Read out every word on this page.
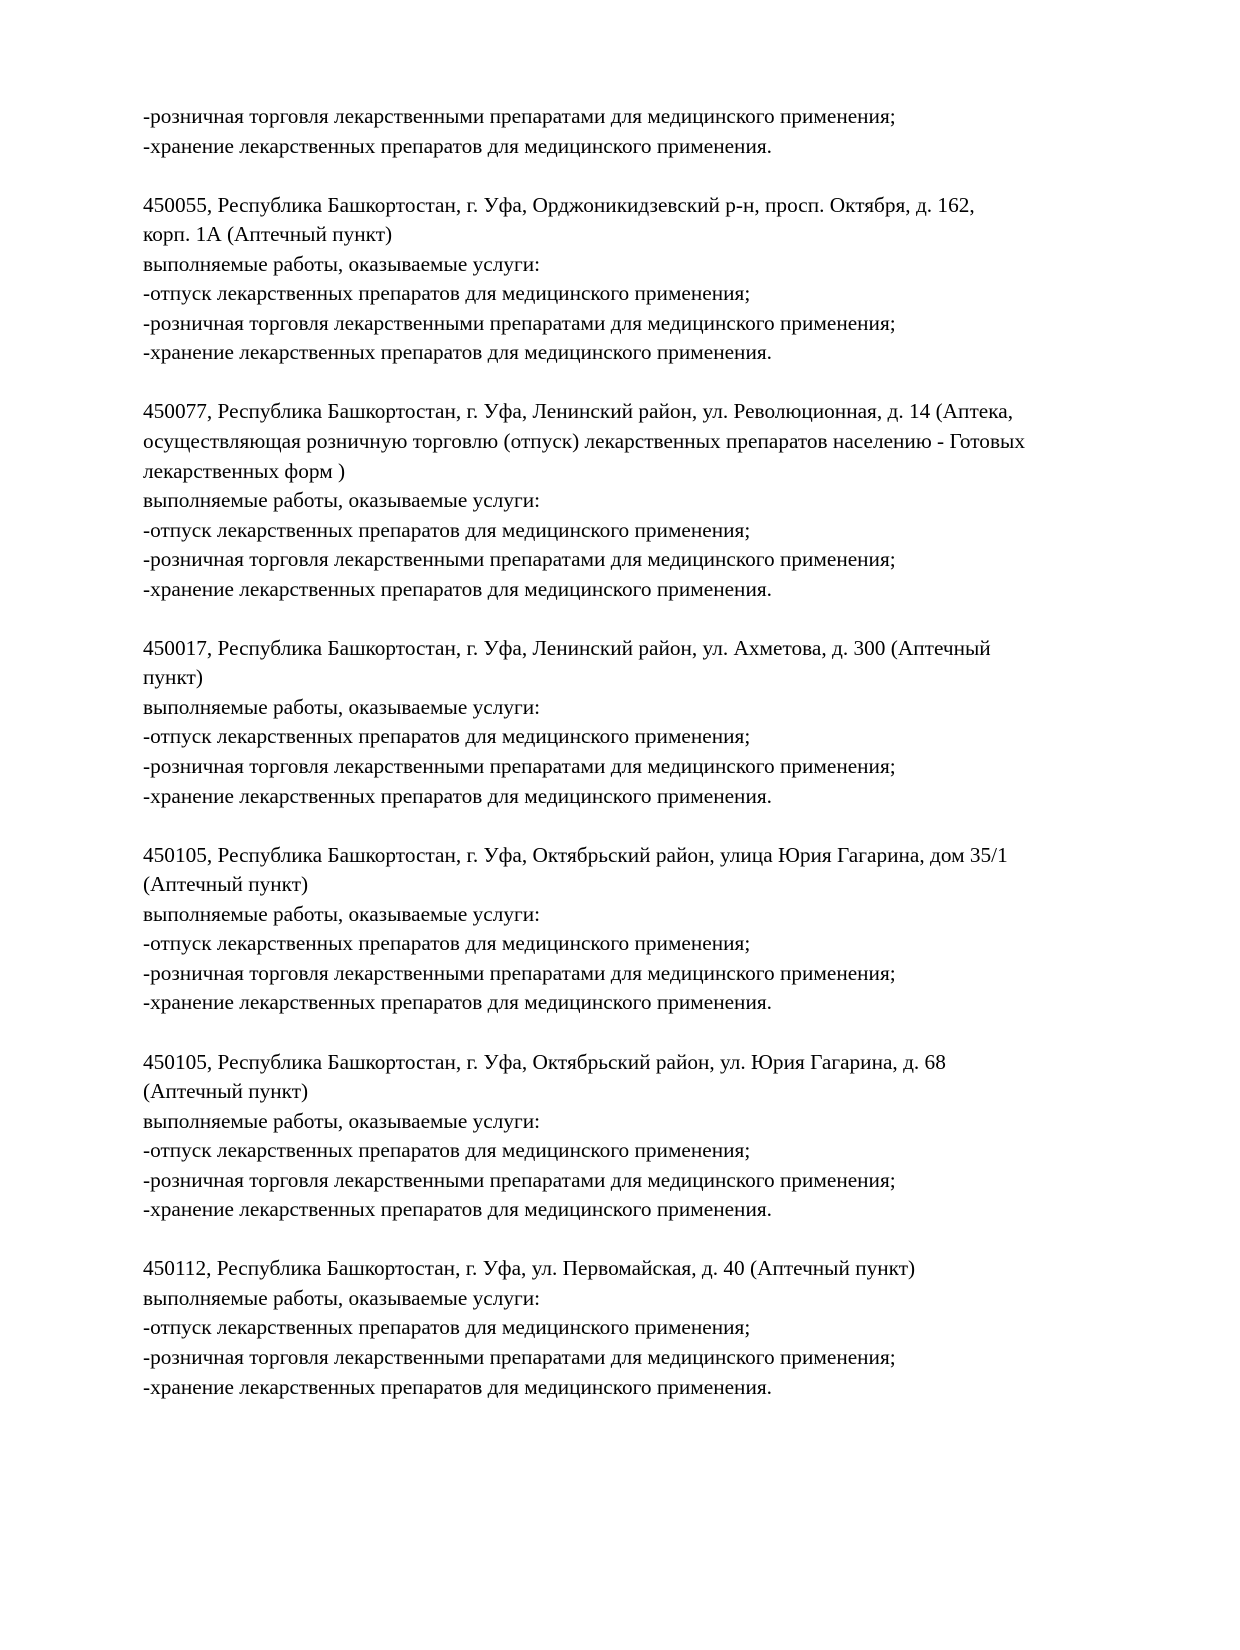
-розничная торговля лекарственными препаратами для медицинского применения;
-хранение лекарственных препаратов для медицинского применения.
450055, Республика Башкортостан, г. Уфа, Орджоникидзевский р-н, просп. Октября, д. 162,
корп. 1А (Аптечный пункт)
выполняемые работы, оказываемые услуги:
-отпуск лекарственных препаратов для медицинского применения;
-розничная торговля лекарственными препаратами для медицинского применения;
-хранение лекарственных препаратов для медицинского применения.
450077, Республика Башкортостан, г. Уфа, Ленинский район, ул. Революционная, д. 14 (Аптека,
осуществляющая розничную торговлю (отпуск) лекарственных препаратов населению - Готовых
лекарственных форм )
выполняемые работы, оказываемые услуги:
-отпуск лекарственных препаратов для медицинского применения;
-розничная торговля лекарственными препаратами для медицинского применения;
-хранение лекарственных препаратов для медицинского применения.
450017, Республика Башкортостан, г. Уфа, Ленинский район, ул. Ахметова, д. 300 (Аптечный
пункт)
выполняемые работы, оказываемые услуги:
-отпуск лекарственных препаратов для медицинского применения;
-розничная торговля лекарственными препаратами для медицинского применения;
-хранение лекарственных препаратов для медицинского применения.
450105, Республика Башкортостан, г. Уфа, Октябрьский район, улица Юрия Гагарина, дом 35/1
(Аптечный пункт)
выполняемые работы, оказываемые услуги:
-отпуск лекарственных препаратов для медицинского применения;
-розничная торговля лекарственными препаратами для медицинского применения;
-хранение лекарственных препаратов для медицинского применения.
450105, Республика Башкортостан, г. Уфа, Октябрьский район, ул. Юрия Гагарина, д. 68
(Аптечный пункт)
выполняемые работы, оказываемые услуги:
-отпуск лекарственных препаратов для медицинского применения;
-розничная торговля лекарственными препаратами для медицинского применения;
-хранение лекарственных препаратов для медицинского применения.
450112, Республика Башкортостан, г. Уфа, ул. Первомайская, д. 40 (Аптечный пункт)
выполняемые работы, оказываемые услуги:
-отпуск лекарственных препаратов для медицинского применения;
-розничная торговля лекарственными препаратами для медицинского применения;
-хранение лекарственных препаратов для медицинского применения.
